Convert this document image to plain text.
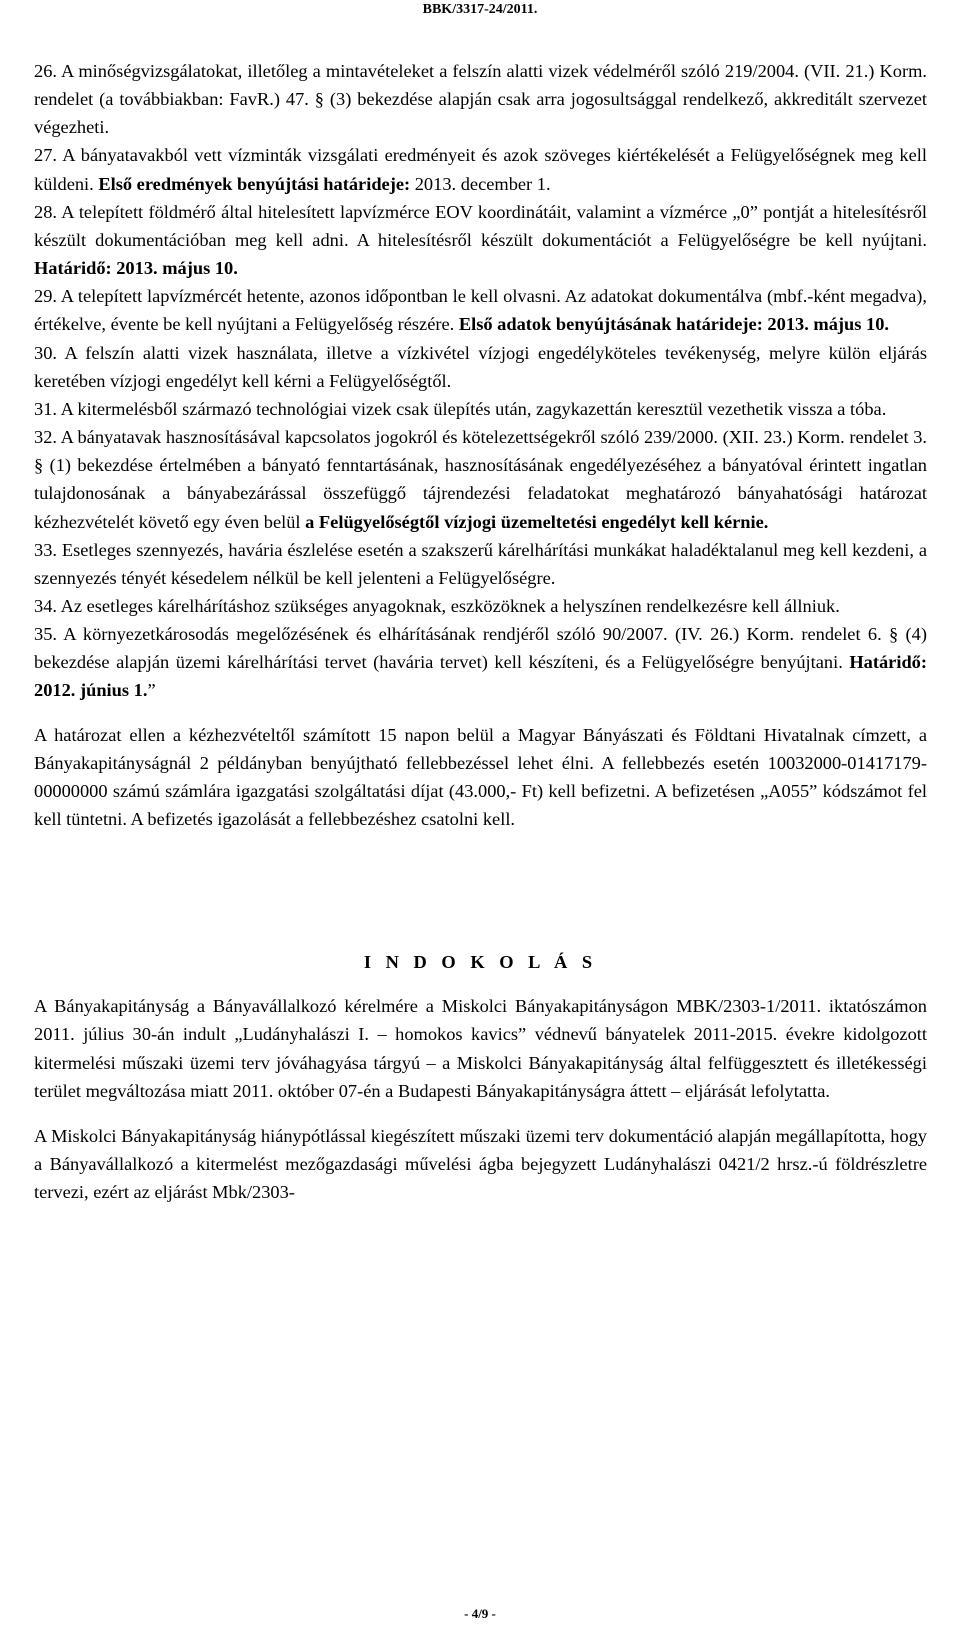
BBK/3317-24/2011.

26. A minőségvizsgálatokat, illetőleg a mintavételeket a felszín alatti vizek védelméről szóló 219/2004. (VII. 21.) Korm. rendelet (a továbbiakban: FavR.) 47. § (3) bekezdése alapján csak arra jogosultsággal rendelkező, akkreditált szervezet végezheti.

27. A bányatavakból vett vízminták vizsgálati eredményeit és azok szöveges kiértékelését a Felügyelőségnek meg kell küldeni. Első eredmények benyújtási határideje: 2013. december 1.

28. A telepített földmérő által hitelesített lapvízmérce EOV koordinátáit, valamint a vízmérce „0” pontját a hitelesítésről készült dokumentációban meg kell adni. A hitelesítésről készült dokumentációt a Felügyelőségre be kell nyújtani. Határidő: 2013. május 10.

29. A telepített lapvízmércét hetente, azonos időpontban le kell olvasni. Az adatokat dokumentálva (mbf.-ként megadva), értékelve, évente be kell nyújtani a Felügyelőség részére. Első adatok benyújtásának határideje: 2013. május 10.

30. A felszín alatti vizek használata, illetve a vízkivétel vízjogi engedélyköteles tevékenység, melyre külön eljárás keretében vízjogi engedélyt kell kérni a Felügyelőségtől.

31. A kitermelésből származó technológiai vizek csak ülepítés után, zagykazettán keresztül vezethetik vissza a tóba.

32. A bányatavak hasznosításával kapcsolatos jogokról és kötelezettségekről szóló 239/2000. (XII. 23.) Korm. rendelet 3. § (1) bekezdése értelmében a bányató fenntartásának, hasznosításának engedélyezéséhez a bányatóval érintett ingatlan tulajdonosának a bányabezárással összefüggő tájrendezési feladatokat meghatározó bányahatósági határozat kézhezvételét követő egy éven belül a Felügyelőségtől vízjogi üzemeltetési engedélyt kell kérnie.

33. Esetleges szennyezés, havária észlelése esetén a szakszerű kárelhárítási munkákat haladéktalanul meg kell kezdeni, a szennyezés tényét késedelem nélkül be kell jelenteni a Felügyelőségre.

34. Az esetleges kárelhárításhoz szükséges anyagoknak, eszközöknek a helyszínen rendelkezésre kell állniuk.

35. A környezetkárosodás megelőzésének és elhárításának rendjéről szóló 90/2007. (IV. 26.) Korm. rendelet 6. § (4) bekezdése alapján üzemi kárelhárítási tervet (havária tervet) kell készíteni, és a Felügyelőségre benyújtani. Határidő: 2012. június 1.”

A határozat ellen a kézhezvételtől számított 15 napon belül a Magyar Bányászati és Földtani Hivatalnak címzett, a Bányakapitányságnál 2 példányban benyújtható fellebbezéssel lehet élni. A fellebbezés esetén 10032000-01417179-00000000 számú számlára igazgatási szolgáltatási díjat (43.000,- Ft) kell befizetni. A befizetésen „A055” kódszámot fel kell tüntetni. A befizetés igazolását a fellebbezéshez csatolni kell.

I N D O K O L Á S

A Bányakapitányság a Bányavállalkozó kérelmére a Miskolci Bányakapitányságon MBK/2303-1/2011. iktatószámon 2011. július 30-án indult „Ludányhalászi I. – homokos kavics” védnevű bányatelek 2011-2015. évekre kidolgozott kitermelési műszaki üzemi terv jóváhagyása tárgyú – a Miskolci Bányakapitányság által felfüggesztett és illetékességi terület megváltozása miatt 2011. október 07-én a Budapesti Bányakapitányságra áttett – eljárását lefolytatta.

A Miskolci Bányakapitányság hiánypótlással kiegészített műszaki üzemi terv dokumentáció alapján megállapította, hogy a Bányavállalkozó a kitermelést mezőgazdasági művelési ágba bejegyzett Ludányhalászi 0421/2 hrsz.-ú földrészletre tervezi, ezért az eljárást Mbk/2303-

- 4/9 -
